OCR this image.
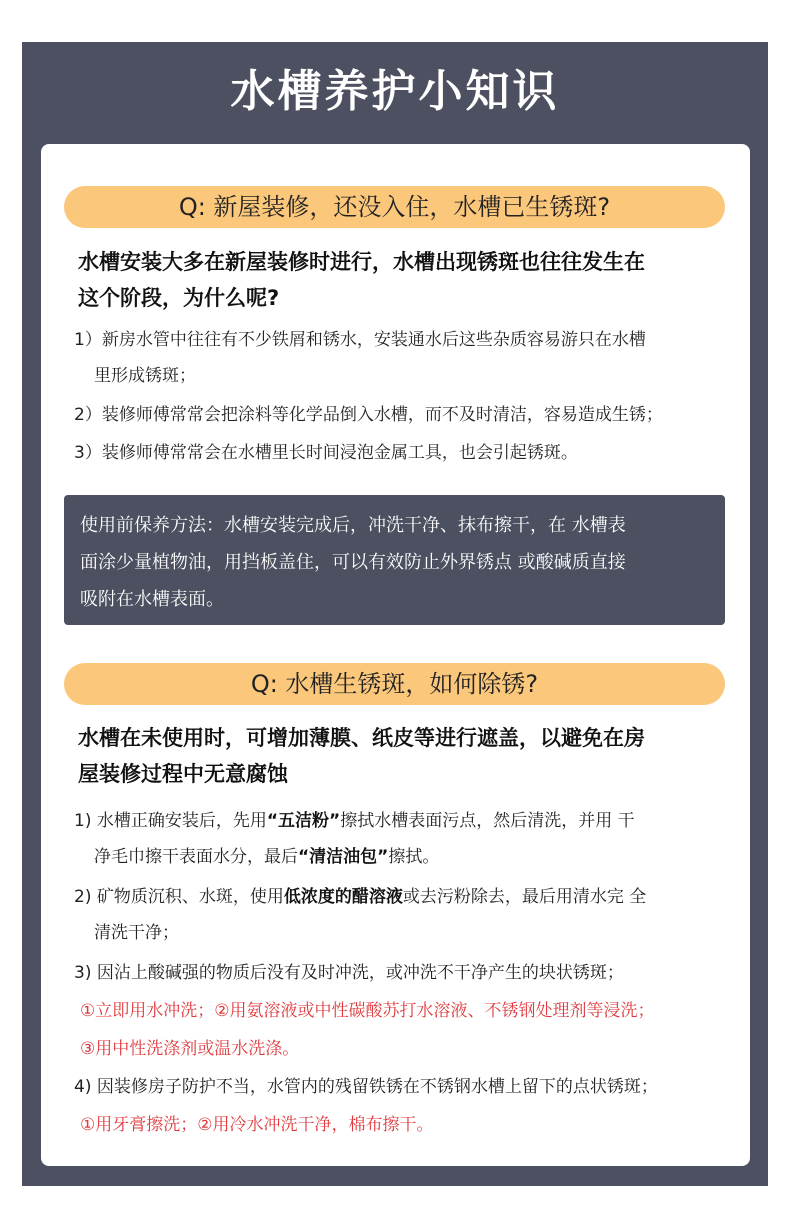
水槽养护小知识
Q: 新屋装修，还没入住，水槽已生锈斑?
水槽安装大多在新屋装修时进行，水槽出现锈斑也往往发生在
这个阶段，为什么呢?
1）新房水管中往往有不少铁屑和锈水，安装通水后这些杂质容易游只在水槽
里形成锈斑；
2）装修师傅常常会把涂料等化学品倒入水槽，而不及时清洁，容易造成生锈；
3）装修师傅常常会在水槽里长时间浸泡金属工具，也会引起锈斑。
使用前保养方法：水槽安装完成后，冲洗干净、抹布擦干，在 水槽表
面涂少量植物油，用挡板盖住，可以有效防止外界锈点 或酸碱质直接
吸附在水槽表面。
Q: 水槽生锈斑，如何除锈?
水槽在未使用时，可增加薄膜、纸皮等进行遮盖，以避免在房
屋装修过程中无意腐蚀
1) 水槽正确安装后，先用“五洁粉”擦拭水槽表面污点，然后清洗，并用 干
净毛巾擦干表面水分，最后“清洁油包”擦拭。
2) 矿物质沉积、水斑，使用低浓度的醋溶液或去污粉除去，最后用清水完 全
清洗干净；
3) 因沾上酸碱强的物质后没有及时冲洗，或冲洗不干净产生的块状锈斑；
①立即用水冲洗；②用氨溶液或中性碳酸苏打水溶液、不锈钢处理剂等浸洗；
③用中性洗涤剂或温水洗涤。
4) 因装修房子防护不当，水管内的残留铁锈在不锈钢水槽上留下的点状锈斑；
①用牙膏擦洗；②用冷水冲洗干净，棉布擦干。
